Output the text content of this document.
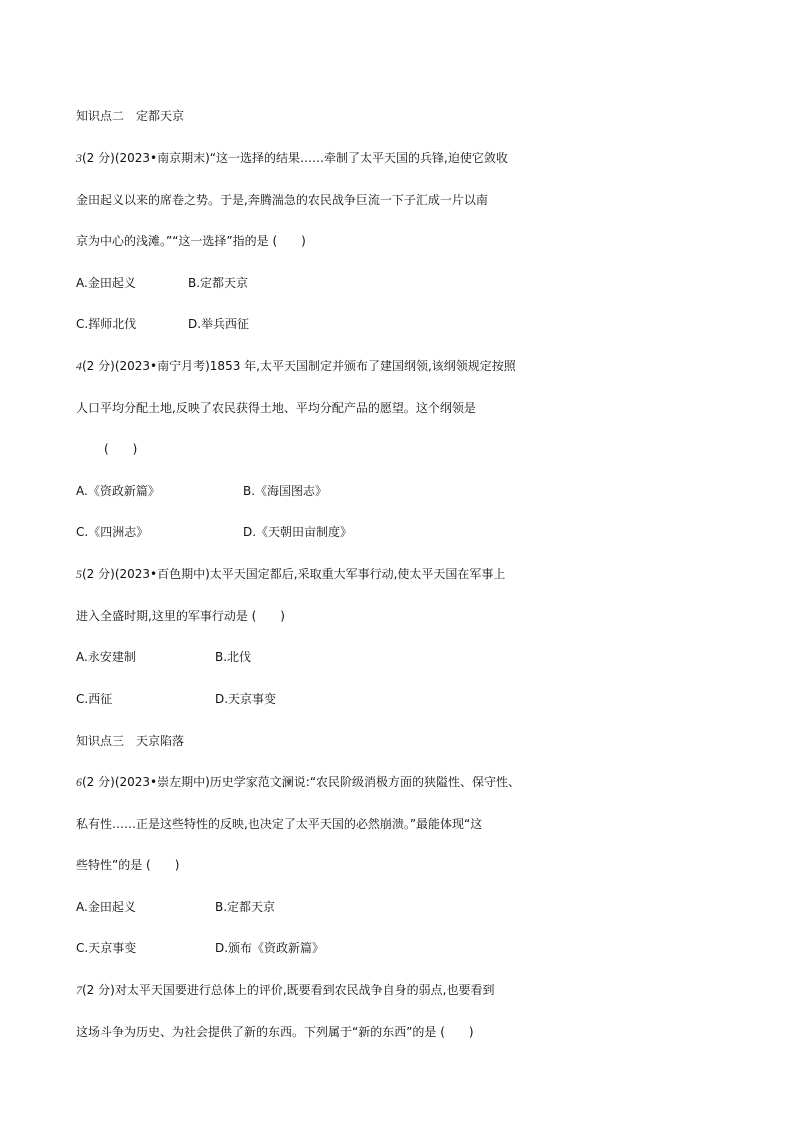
知识点二　定都天京
3(2 分)(2023•南京期末)“这一选择的结果……牵制了太平天国的兵锋,迫使它敛收
金田起义以来的席卷之势。于是,奔腾湍急的农民战争巨流一下子汇成一片以南
京为中心的浅滩。”“这一选择”指的是 (　　)
A.金田起义	B.定都天京
C.挥师北伐	D.举兵西征
4(2 分)(2023•南宁月考)1853 年,太平天国制定并颁布了建国纲领,该纲领规定按照
人口平均分配土地,反映了农民获得土地、平均分配产品的愿望。这个纲领是
(　　)
A.《资政新篇》	B.《海国图志》
C.《四洲志》	D.《天朝田亩制度》
5(2 分)(2023•百色期中)太平天国定都后,采取重大军事行动,使太平天国在军事上
进入全盛时期,这里的军事行动是 (　　)
A.永安建制	B.北伐
C.西征	D.天京事变
知识点三　天京陷落
6(2 分)(2023•崇左期中)历史学家范文澜说:“农民阶级消极方面的狭隘性、保守性、
私有性……正是这些特性的反映,也决定了太平天国的必然崩溃。”最能体现“这
些特性”的是 (　　)
A.金田起义	B.定都天京
C.天京事变	D.颁布《资政新篇》
7(2 分)对太平天国要进行总体上的评价,既要看到农民战争自身的弱点,也要看到
这场斗争为历史、为社会提供了新的东西。下列属于“新的东西”的是 (　　)
